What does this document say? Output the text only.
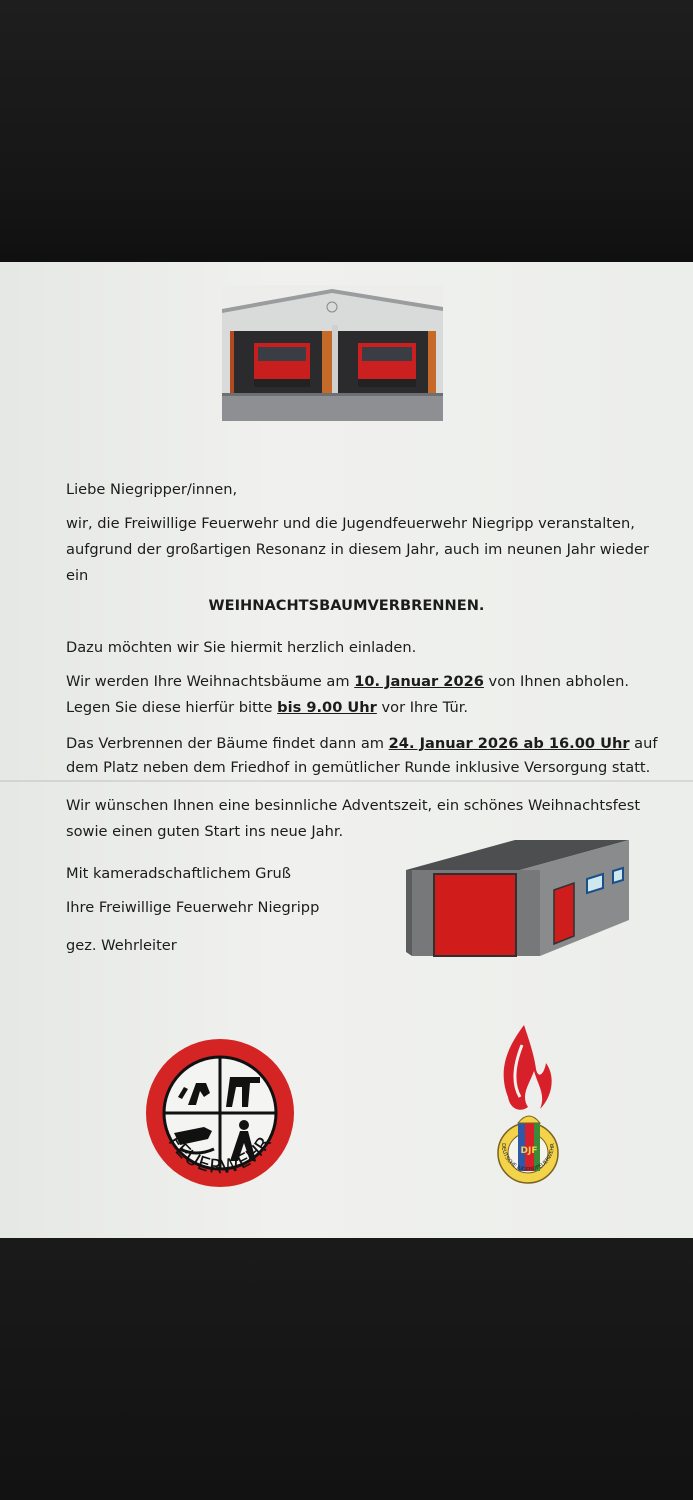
Liebe Niegripper/innen,
wir, die Freiwillige Feuerwehr und die Jugendfeuerwehr Niegripp veranstalten,
aufgrund der großartigen Resonanz in diesem Jahr, auch im neunen Jahr wieder
ein
WEIHNACHTSBAUMVERBRENNEN.
Dazu möchten wir Sie hiermit herzlich einladen.
Wir werden Ihre Weihnachtsbäume am 10. Januar 2026 von Ihnen abholen.
Legen Sie diese hierfür bitte bis 9.00 Uhr vor Ihre Tür.
Das Verbrennen der Bäume findet dann am 24. Januar 2026 ab 16.00 Uhr auf
dem Platz neben dem Friedhof in gemütlicher Runde inklusive Versorgung statt.
Wir wünschen Ihnen eine besinnliche Adventszeit, ein schönes Weihnachtsfest
sowie einen guten Start ins neue Jahr.
Mit kameradschaftlichem Gruß
Ihre Freiwillige Feuerwehr Niegripp
gez. Wehrleiter
FEUERWEHR	DJF
DEUTSCHE JUGENDFEUERWEHR
